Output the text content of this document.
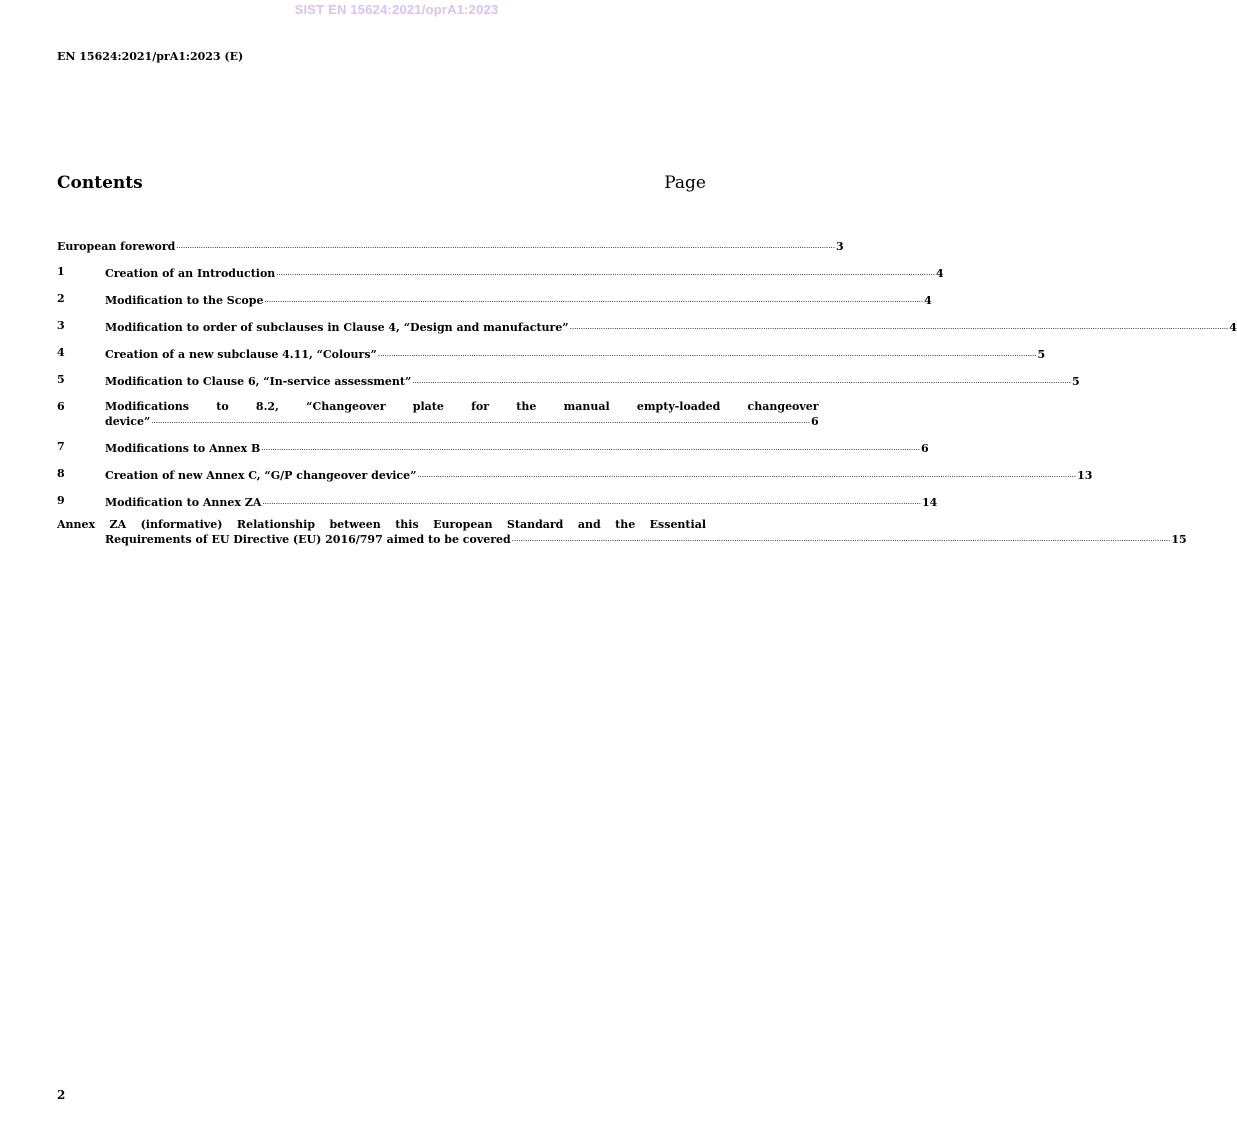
SIST EN 15624:2021/oprA1:2023
EN 15624:2021/prA1:2023 (E)
Contents	Page
European foreword .....	3
1	Creation of an Introduction .....	4
2	Modification to the Scope .....	4
3	Modification to order of subclauses in Clause 4, “Design and manufacture” .....	4
4	Creation of a new subclause 4.11, “Colours” .....	5
5	Modification to Clause 6, “In-service assessment” .....	5
6	Modifications to 8.2, “Changeover plate for the manual empty-loaded changeover
device” .....	6
7	Modifications to Annex B .....	6
8	Creation of new Annex C, “G/P changeover device” .....	13
9	Modification to Annex ZA .....	14
Annex ZA (informative) Relationship between this European Standard and the Essential
Requirements of EU Directive (EU) 2016/797 aimed to be covered .....	15
2
